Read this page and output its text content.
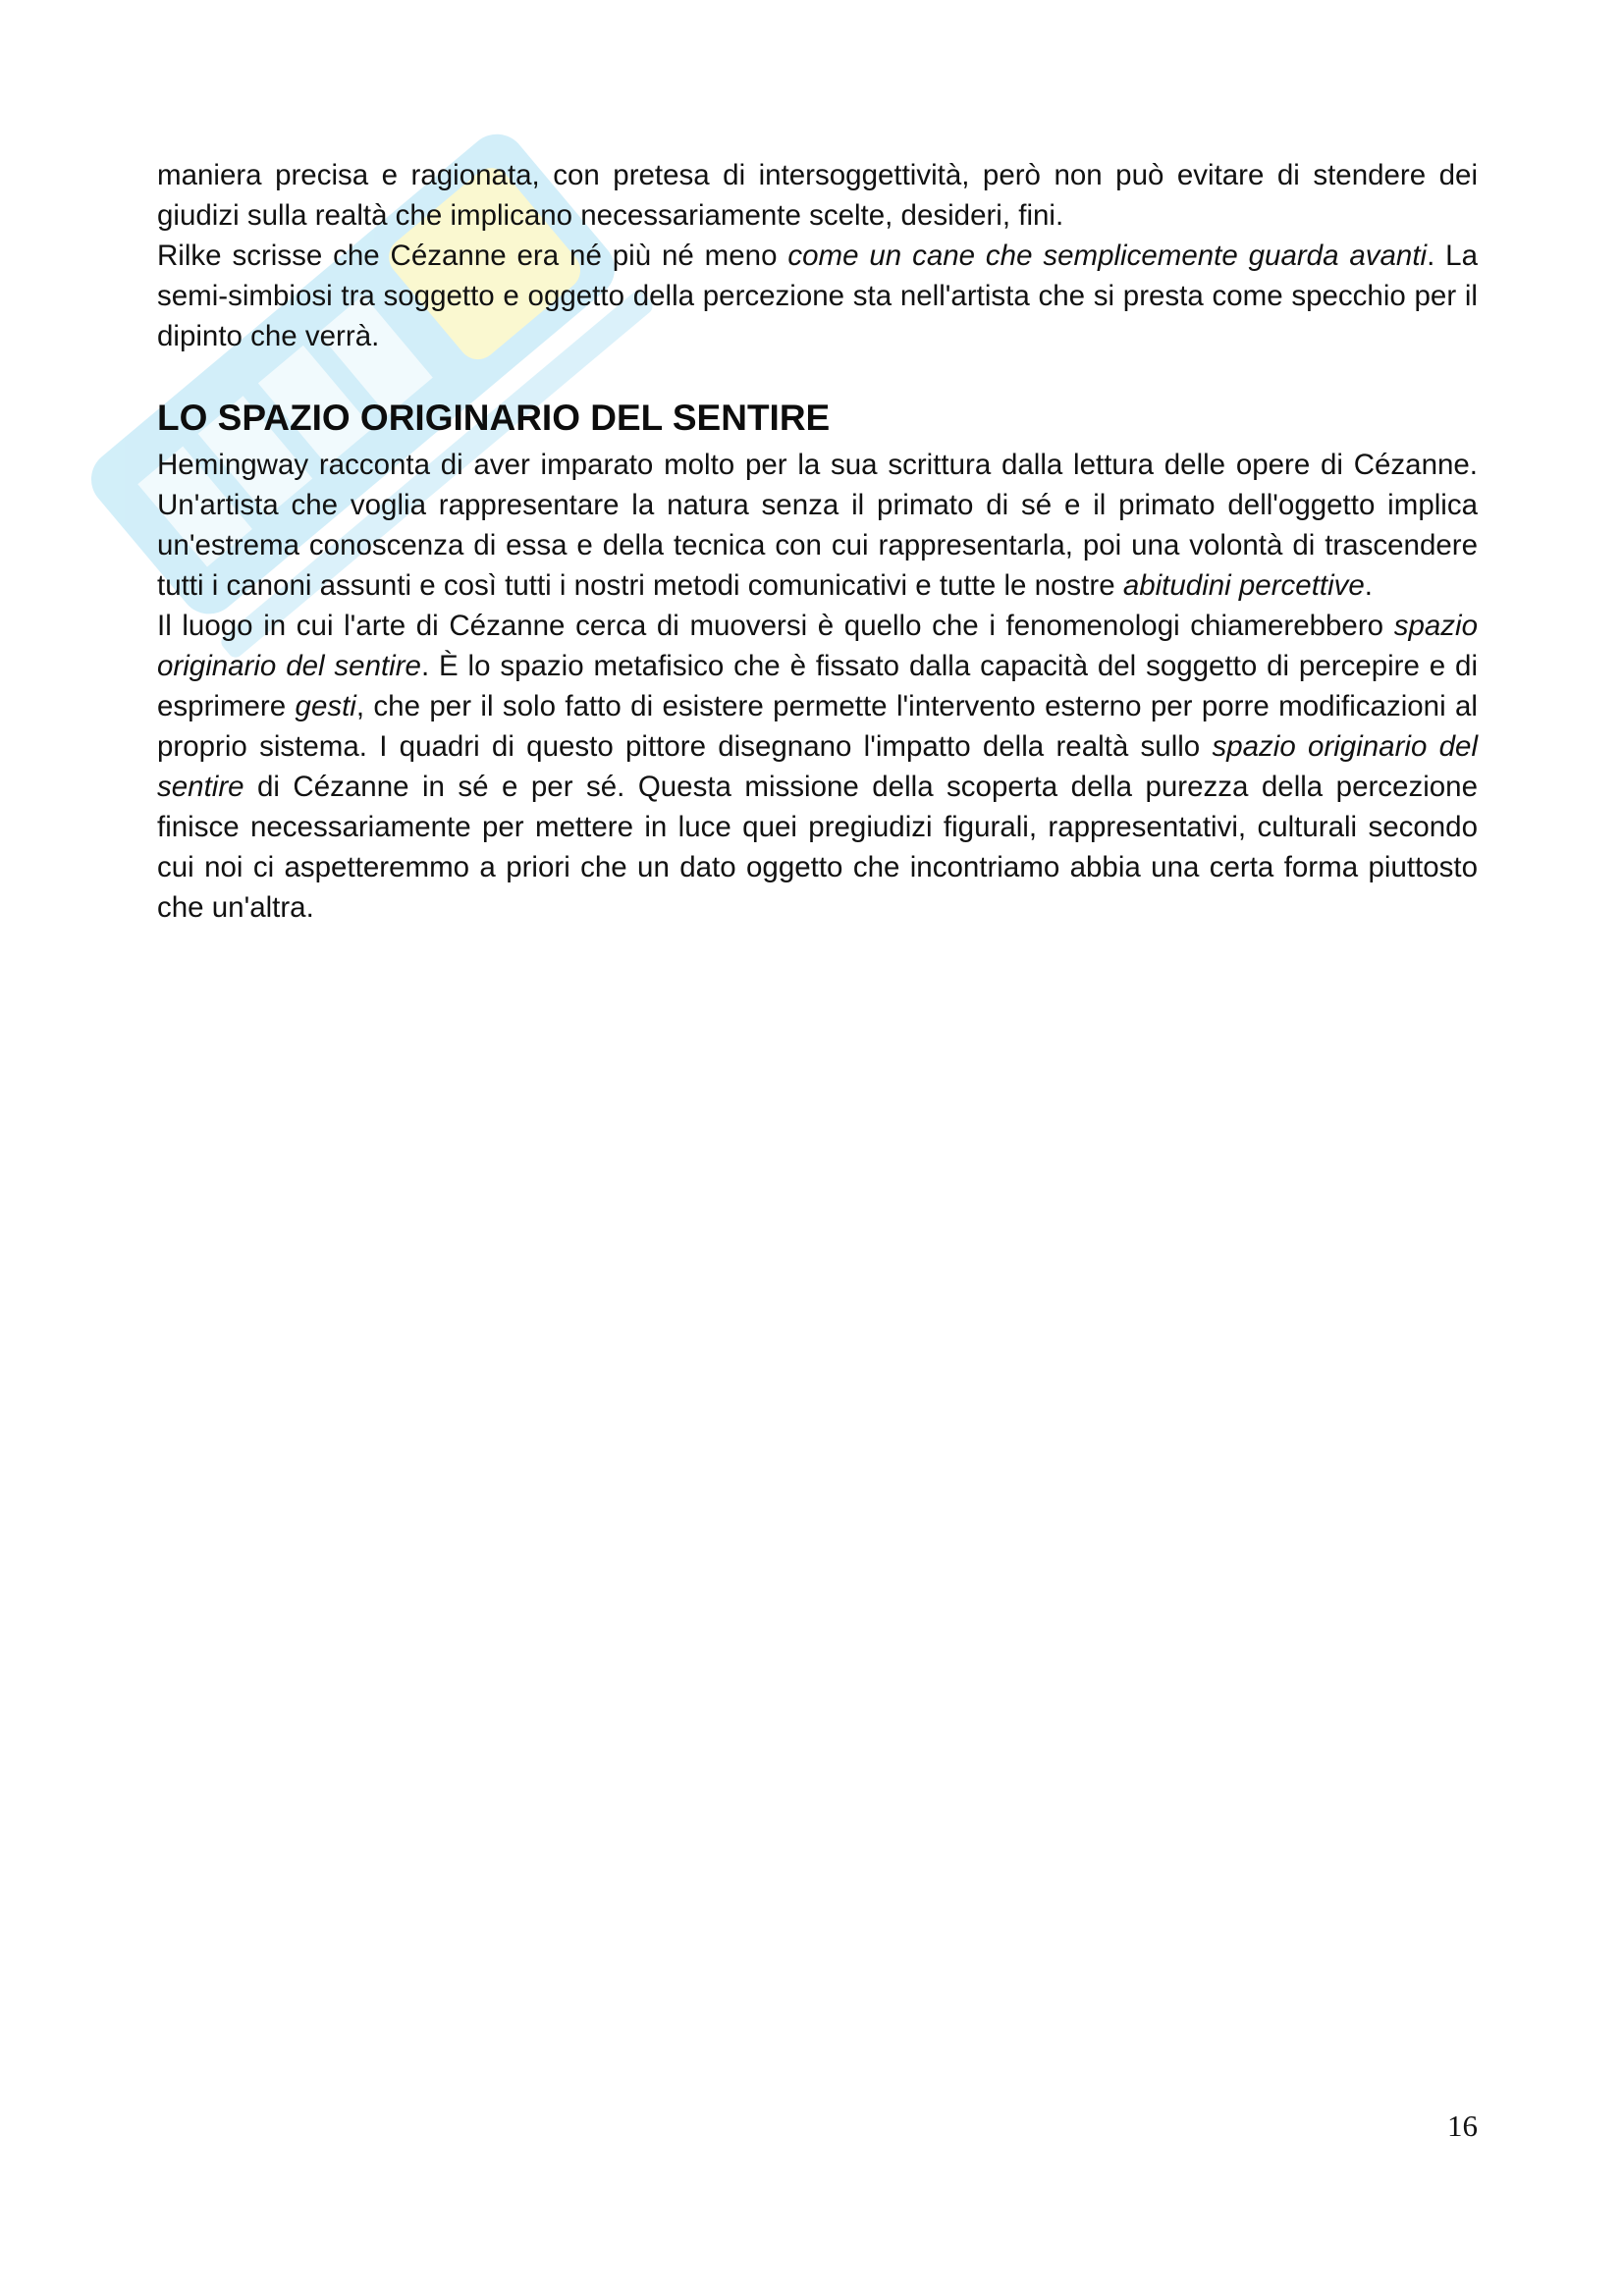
maniera precisa e ragionata, con pretesa di intersoggettività, però non può evitare di stendere dei giudizi sulla realtà che implicano necessariamente scelte, desideri, fini.

Rilke scrisse che Cézanne era né più né meno come un cane che semplicemente guarda avanti. La semi-simbiosi tra soggetto e oggetto della percezione sta nell'artista che si presta come specchio per il dipinto che verrà.

LO SPAZIO ORIGINARIO DEL SENTIRE

Hemingway racconta di aver imparato molto per la sua scrittura dalla lettura delle opere di Cézanne. Un'artista che voglia rappresentare la natura senza il primato di sé e il primato dell'oggetto implica un'estrema conoscenza di essa e della tecnica con cui rappresentarla, poi una volontà di trascendere tutti i canoni assunti e così tutti i nostri metodi comunicativi e tutte le nostre abitudini percettive.

Il luogo in cui l'arte di Cézanne cerca di muoversi è quello che i fenomenologi chiamerebbero spazio originario del sentire. È lo spazio metafisico che è fissato dalla capacità del soggetto di percepire e di esprimere gesti, che per il solo fatto di esistere permette l'intervento esterno per porre modificazioni al proprio sistema. I quadri di questo pittore disegnano l'impatto della realtà sullo spazio originario del sentire di Cézanne in sé e per sé. Questa missione della scoperta della purezza della percezione finisce necessariamente per mettere in luce quei pregiudizi figurali, rappresentativi, culturali secondo cui noi ci aspetteremmo a priori che un dato oggetto che incontriamo abbia una certa forma piuttosto che un'altra.

16
